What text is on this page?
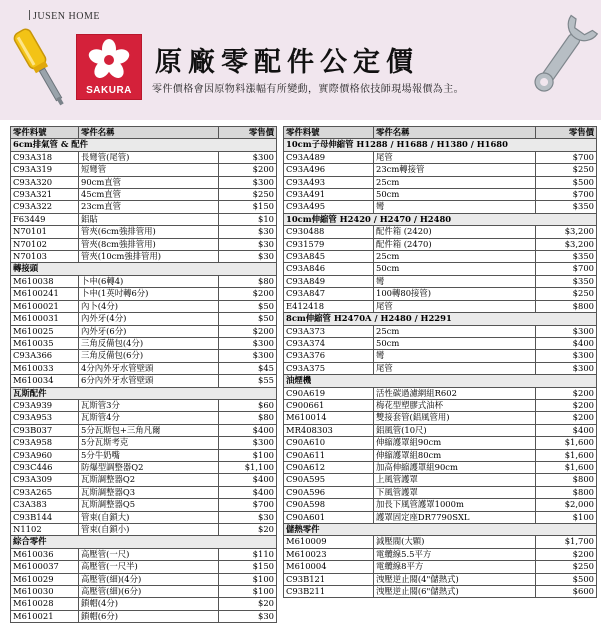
JUSEN HOME
SAKURA
原廠零配件公定價
零件價格會因原物料漲幅有所變動，實際價格依技師現場報價為主。
零件料號	零件名稱	零售價
6cm排氣管 & 配件		
C93A318	長彎管(尾管)	$300
C93A319	短彎管	$200
C93A320	90cm直管	$300
C93A321	45cm直管	$250
C93A322	23cm直管	$150
F63449	鋁貼	$10
N70101	管夾(6cm強排管用)	$30
N70102	管夾(8cm強排管用)	$30
N70103	管夾(10cm強排管用)	$30
轉接頭		
M610038	卜申(6轉4)	$80
M6100241	卜申(1英吋轉6分)	$200
M6100021	內卜(4分)	$50
M6100031	內外牙(4分)	$50
M610025	內外牙(6分)	$200
M610035	三角反備包(4分)	$300
C93A366	三角反備包(6分)	$300
M610033	4分內外牙水管壁頭	$45
M610034	6分內外牙水管壁頭	$55
瓦斯配件		
C93A939	瓦斯管3分	$60
C93A953	瓦斯管4分	$80
C93B037	5分瓦斯包+三角凡爾	$400
C93A958	5分瓦斯考克	$300
C93A960	5分牛奶嘴	$100
C93C446	防爆型調整器Q2	$1,100
C93A309	瓦斯調整器Q2	$400
C93A265	瓦斯調整器Q3	$400
C3A383	瓦斯調整器Q5	$700
C93B144	管束(自鎖大)	$30
N1102	管束(自鎖小)	$20
綜合零件		
M610036	高壓管(一尺)	$110
M6100037	高壓管(一尺半)	$150
M610029	高壓管(細)(4分)	$100
M610030	高壓管(細)(6分)	$100
M610028	鎖帽(4分)	$20
M610021	鎖帽(6分)	$30
零件料號	零件名稱	零售價
10cm子母伸縮管 H1288 / H1688 / H1380 / H1680		
C93A489	尾管	$700
C93A496	23cm轉接管	$250
C93A493	25cm	$500
C93A491	50cm	$700
C93A495	彎	$350
10cm伸縮管 H2420 / H2470 / H2480		
C930488	配件箱 (2420)	$3,200
C931579	配件箱 (2470)	$3,200
C93A845	25cm	$350
C93A846	50cm	$700
C93A849	彎	$350
C93A847	100轉80接管)	$250
E412418	尾管	$800
8cm伸縮管 H2470A / H2480 / H2291		
C93A373	25cm	$300
C93A374	50cm	$400
C93A376	彎	$300
C93A375	尾管	$300
油煙機		
C90A619	活性碳過濾網組R602	$200
C900661	梅花型塑膠式油杯	$200
M610014	雙接套管(鋁風管用)	$200
MR408303	鋁風管(10尺)	$400
C90A610	伸縮護罩組90cm	$1,600
C90A611	伸縮護罩組80cm	$1,600
C90A612	加高伸縮護罩組90cm	$1,600
C90A595	上風管護罩	$800
C90A596	下風管護罩	$800
C90A598	加長下風管護罩1000m	$2,000
C90A601	護罩固定座DR7790SXL	$100
儲熱零件		
M610009	減壓閥(大顆)	$1,700
M610023	電纜線5.5平方	$200
M610004	電纜線8平方	$250
C93B121	洩壓逆止閥(4"儲熱式)	$500
C93B211	洩壓逆止閥(6"儲熱式)	$600
